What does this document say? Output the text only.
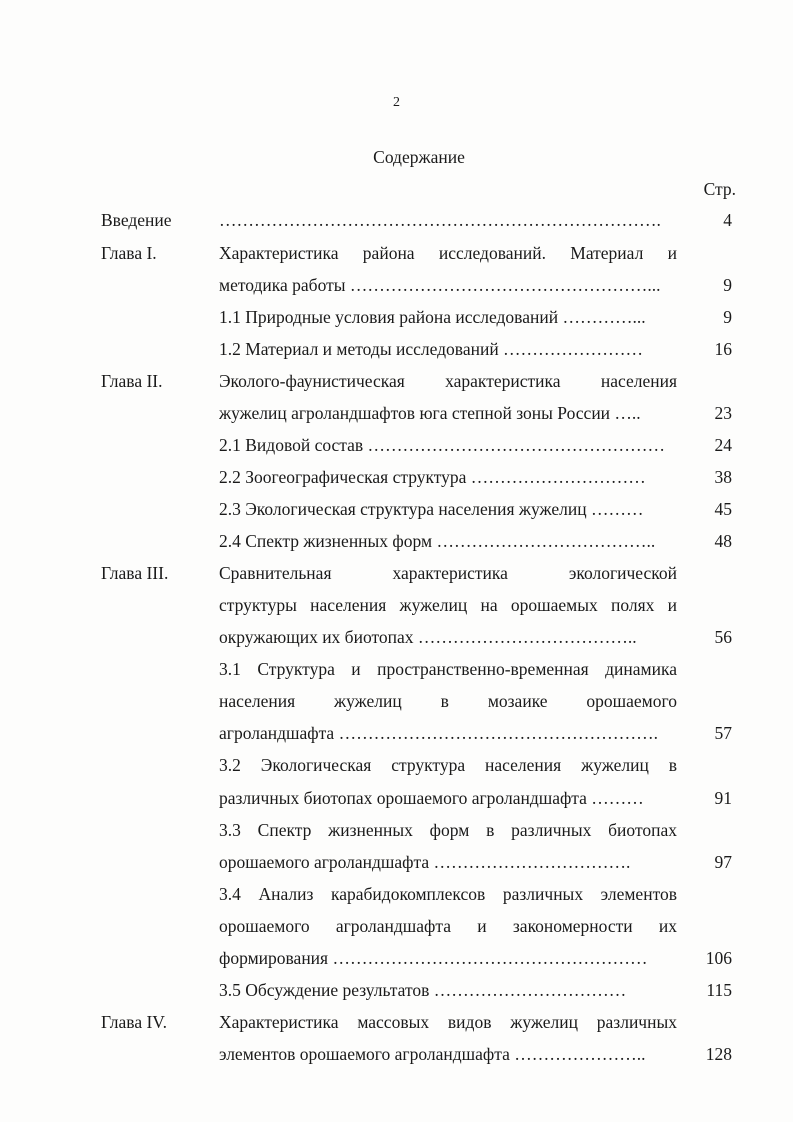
2
Содержание
Стр.
Введение	………………………………………………………………….	4
Глава I.	Характеристика района исследований. Материал и
методика работы ……………………………………………...	9
1.1 Природные условия района исследований …………...	9
1.2 Материал и методы исследований ……………………	16
Глава II.	Эколого-фаунистическая характеристика населения
жужелиц агроландшафтов юга степной зоны России …..	23
2.1 Видовой состав ……………………………………………	24
2.2 Зоогеографическая структура …………………………	38
2.3 Экологическая структура населения жужелиц ………	45
2.4 Спектр жизненных форм ………………………………..	48
Глава III.	Сравнительная характеристика экологической
структуры населения жужелиц на орошаемых полях и
окружающих их биотопах ………………………………..	56
3.1 Структура и пространственно-временная динамика
населения жужелиц в мозаике орошаемого
агроландшафта ……………………………………………….	57
3.2 Экологическая структура населения жужелиц в
различных биотопах орошаемого агроландшафта ………	91
3.3 Спектр жизненных форм в различных биотопах
орошаемого агроландшафта …………………………….	97
3.4 Анализ карабидокомплексов различных элементов
орошаемого агроландшафта и закономерности их
формирования ………………………………………………	106
3.5 Обсуждение результатов ……………………………	115
Глава IV.	Характеристика массовых видов жужелиц различных
элементов орошаемого агроландшафта …………………..	128
